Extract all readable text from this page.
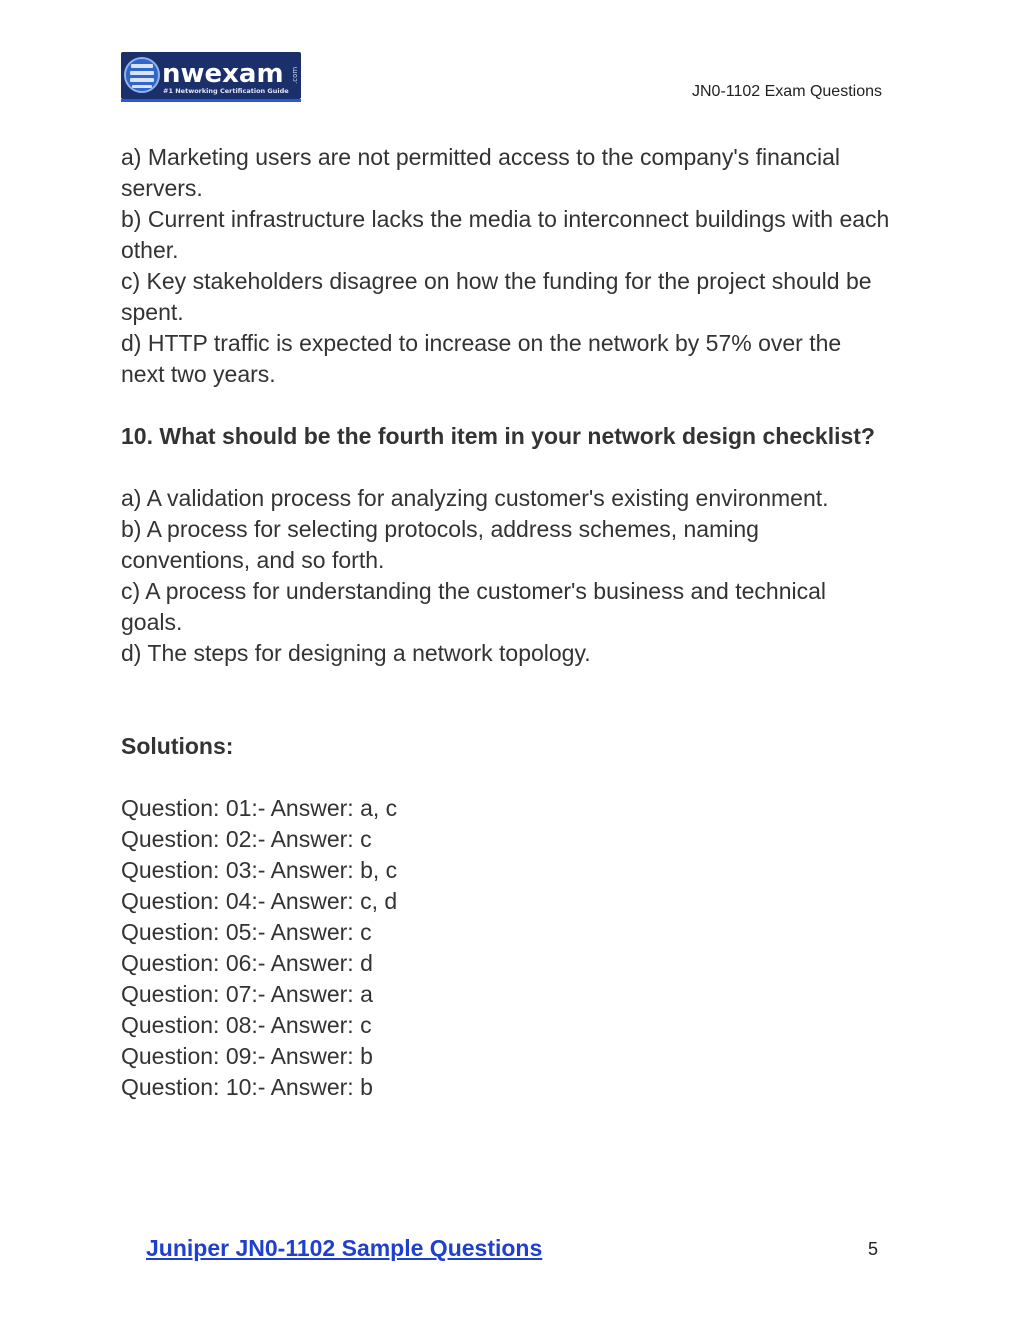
nwexam .com
#1 Networking Certification Guide	JN0-1102 Exam Questions

a) Marketing users are not permitted access to the company's financial

servers.

b) Current infrastructure lacks the media to interconnect buildings with each

other.

c) Key stakeholders disagree on how the funding for the project should be

spent.

d) HTTP traffic is expected to increase on the network by 57% over the

next two years.

10. What should be the fourth item in your network design checklist?

a) A validation process for analyzing customer's existing environment.

b) A process for selecting protocols, address schemes, naming

conventions, and so forth.

c) A process for understanding the customer's business and technical

goals.

d) The steps for designing a network topology.

Solutions:

Question: 01:- Answer: a, c

Question: 02:- Answer: c

Question: 03:- Answer: b, c

Question: 04:- Answer: c, d

Question: 05:- Answer: c

Question: 06:- Answer: d

Question: 07:- Answer: a

Question: 08:- Answer: c

Question: 09:- Answer: b

Question: 10:- Answer: b

Juniper JN0-1102 Sample Questions	5
